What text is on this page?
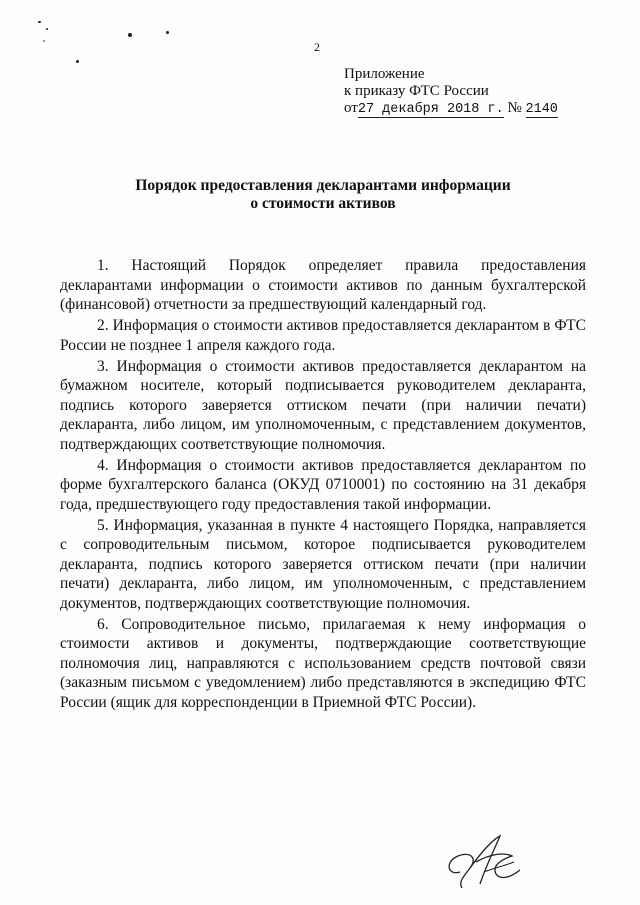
2
Приложение
к приказу ФТС России
от27 декабря 2018 г. № 2140
Порядок предоставления декларантами информации
о стоимости активов

1. Настоящий Порядок определяет правила предоставления декларантами информации о стоимости активов по данным бухгалтерской (финансовой) отчетности за предшествующий календарный год.

2. Информация о стоимости активов предоставляется декларантом в ФТС России не позднее 1 апреля каждого года.

3. Информация о стоимости активов предоставляется декларантом на бумажном носителе, который подписывается руководителем декларанта, подпись которого заверяется оттиском печати (при наличии печати) декларанта, либо лицом, им уполномоченным, с представлением документов, подтверждающих соответствующие полномочия.

4. Информация о стоимости активов предоставляется декларантом по форме бухгалтерского баланса (ОКУД 0710001) по состоянию на 31 декабря года, предшествующего году предоставления такой информации.

5. Информация, указанная в пункте 4 настоящего Порядка, направляется с сопроводительным письмом, которое подписывается руководителем декларанта, подпись которого заверяется оттиском печати (при наличии печати) декларанта, либо лицом, им уполномоченным, с представлением документов, подтверждающих соответствующие полномочия.

6. Сопроводительное письмо, прилагаемая к нему информация о стоимости активов и документы, подтверждающие соответствующие полномочия лиц, направляются с использованием средств почтовой связи (заказным письмом с уведомлением) либо представляются в экспедицию ФТС России (ящик для корреспонденции в Приемной ФТС России).
